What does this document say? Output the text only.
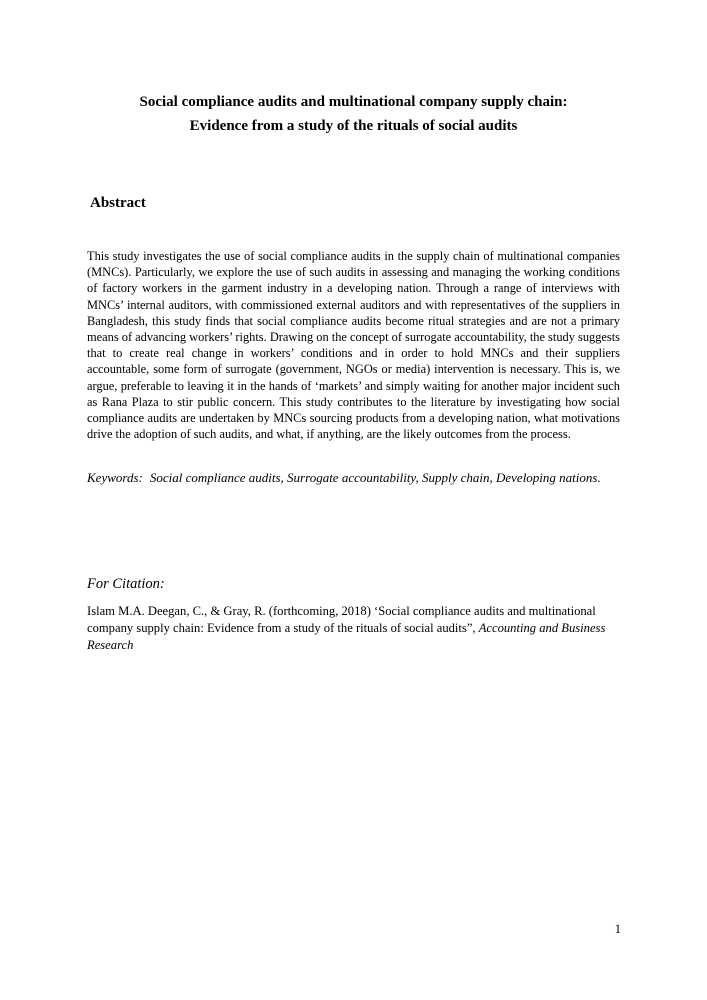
Social compliance audits and multinational company supply chain:
Evidence from a study of the rituals of social audits
Abstract

This study investigates the use of social compliance audits in the supply chain of multinational companies (MNCs). Particularly, we explore the use of such audits in assessing and managing the working conditions of factory workers in the garment industry in a developing nation. Through a range of interviews with MNCs’ internal auditors, with commissioned external auditors and with representatives of the suppliers in Bangladesh, this study finds that social compliance audits become ritual strategies and are not a primary means of advancing workers’ rights. Drawing on the concept of surrogate accountability, the study suggests that to create real change in workers’ conditions and in order to hold MNCs and their suppliers accountable, some form of surrogate (government, NGOs or media) intervention is necessary. This is, we argue, preferable to leaving it in the hands of ‘markets’ and simply waiting for another major incident such as Rana Plaza to stir public concern. This study contributes to the literature by investigating how social compliance audits are undertaken by MNCs sourcing products from a developing nation, what motivations drive the adoption of such audits, and what, if anything, are the likely outcomes from the process.

Keywords: Social compliance audits, Surrogate accountability, Supply chain, Developing nations.

For Citation:

Islam M.A. Deegan, C., & Gray, R. (forthcoming, 2018) ‘Social compliance audits and multinational company supply chain: Evidence from a study of the rituals of social audits”, Accounting and Business Research

1
